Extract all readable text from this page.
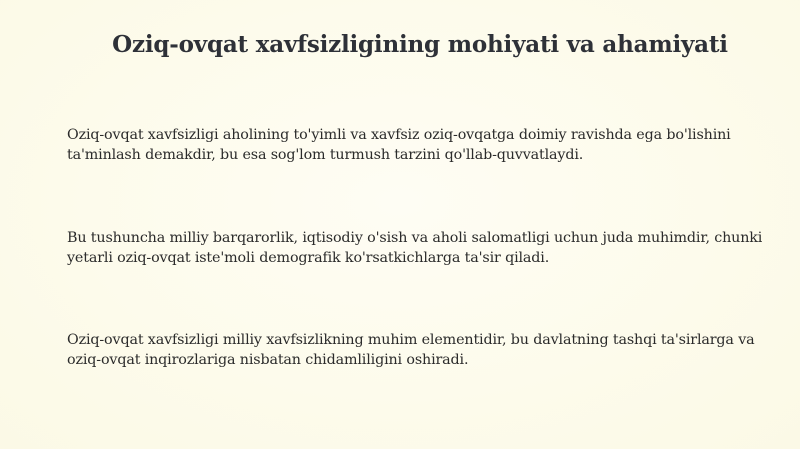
Oziq-ovqat xavfsizligining mohiyati va ahamiyati
Oziq-ovqat xavfsizligi aholining to'yimli va xavfsiz oziq-ovqatga doimiy ravishda ega bo'lishini ta'minlash demakdir, bu esa sog'lom turmush tarzini qo'llab-quvvatlaydi.
Bu tushuncha milliy barqarorlik, iqtisodiy o'sish va aholi salomatligi uchun juda muhimdir, chunki yetarli oziq-ovqat iste'moli demografik ko'rsatkichlarga ta'sir qiladi.
Oziq-ovqat xavfsizligi milliy xavfsizlikning muhim elementidir, bu davlatning tashqi ta'sirlarga va oziq-ovqat inqirozlariga nisbatan chidamliligini oshiradi.
